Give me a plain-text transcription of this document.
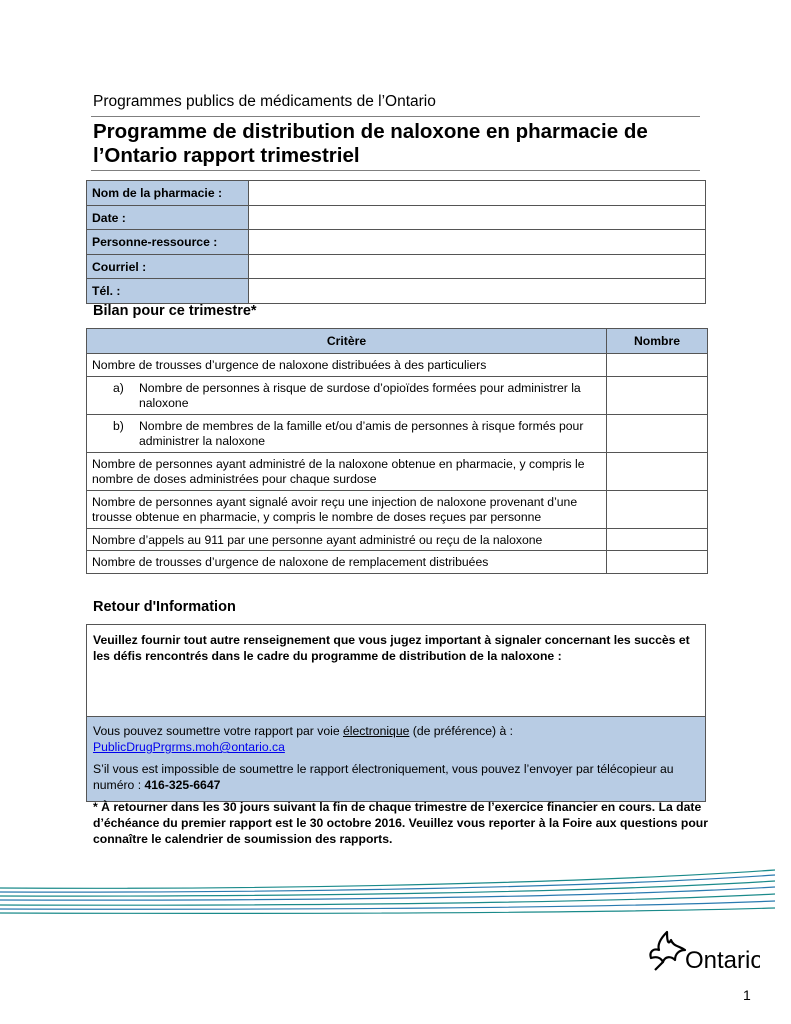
Programmes publics de médicaments de l’Ontario
Programme de distribution de naloxone en pharmacie de
l’Ontario rapport trimestriel
Nom de la pharmacie :	
Date :	
Personne-ressource :	
Courriel :	
Tél. :	
Bilan pour ce trimestre*
Critère	Nombre
Nombre de trousses d’urgence de naloxone distribuées à des particuliers	

a) Nombre de personnes à risque de surdose d’opioïdes formées pour administrer la naloxone	

b) Nombre de membres de la famille et/ou d’amis de personnes à risque formés pour administrer la naloxone	

Nombre de personnes ayant administré de la naloxone obtenue en pharmacie, y compris le nombre de doses administrées pour chaque surdose	
Nombre de personnes ayant signalé avoir reçu une injection de naloxone provenant d’une trousse obtenue en pharmacie, y compris le nombre de doses reçues par personne	
Nombre d’appels au 911 par une personne ayant administré ou reçu de la naloxone	
Nombre de trousses d’urgence de naloxone de remplacement distribuées	
Retour d'Information
Veuillez fournir tout autre renseignement que vous jugez important à signaler concernant les succès et les défis rencontrés dans le cadre du programme de distribution de la naloxone :

Vous pouvez soumettre votre rapport par voie électronique (de préférence) à :
PublicDrugPrgrms.moh@ontario.ca

S’il vous est impossible de soumettre le rapport électroniquement, vous pouvez l’envoyer par télécopieur au numéro : 416-325-6647

* À retourner dans les 30 jours suivant la fin de chaque trimestre de l’exercice financier en cours. La date d’échéance du premier rapport est le 30 octobre 2016. Veuillez vous reporter à la Foire aux questions pour connaître le calendrier de soumission des rapports.
Ontario
1
